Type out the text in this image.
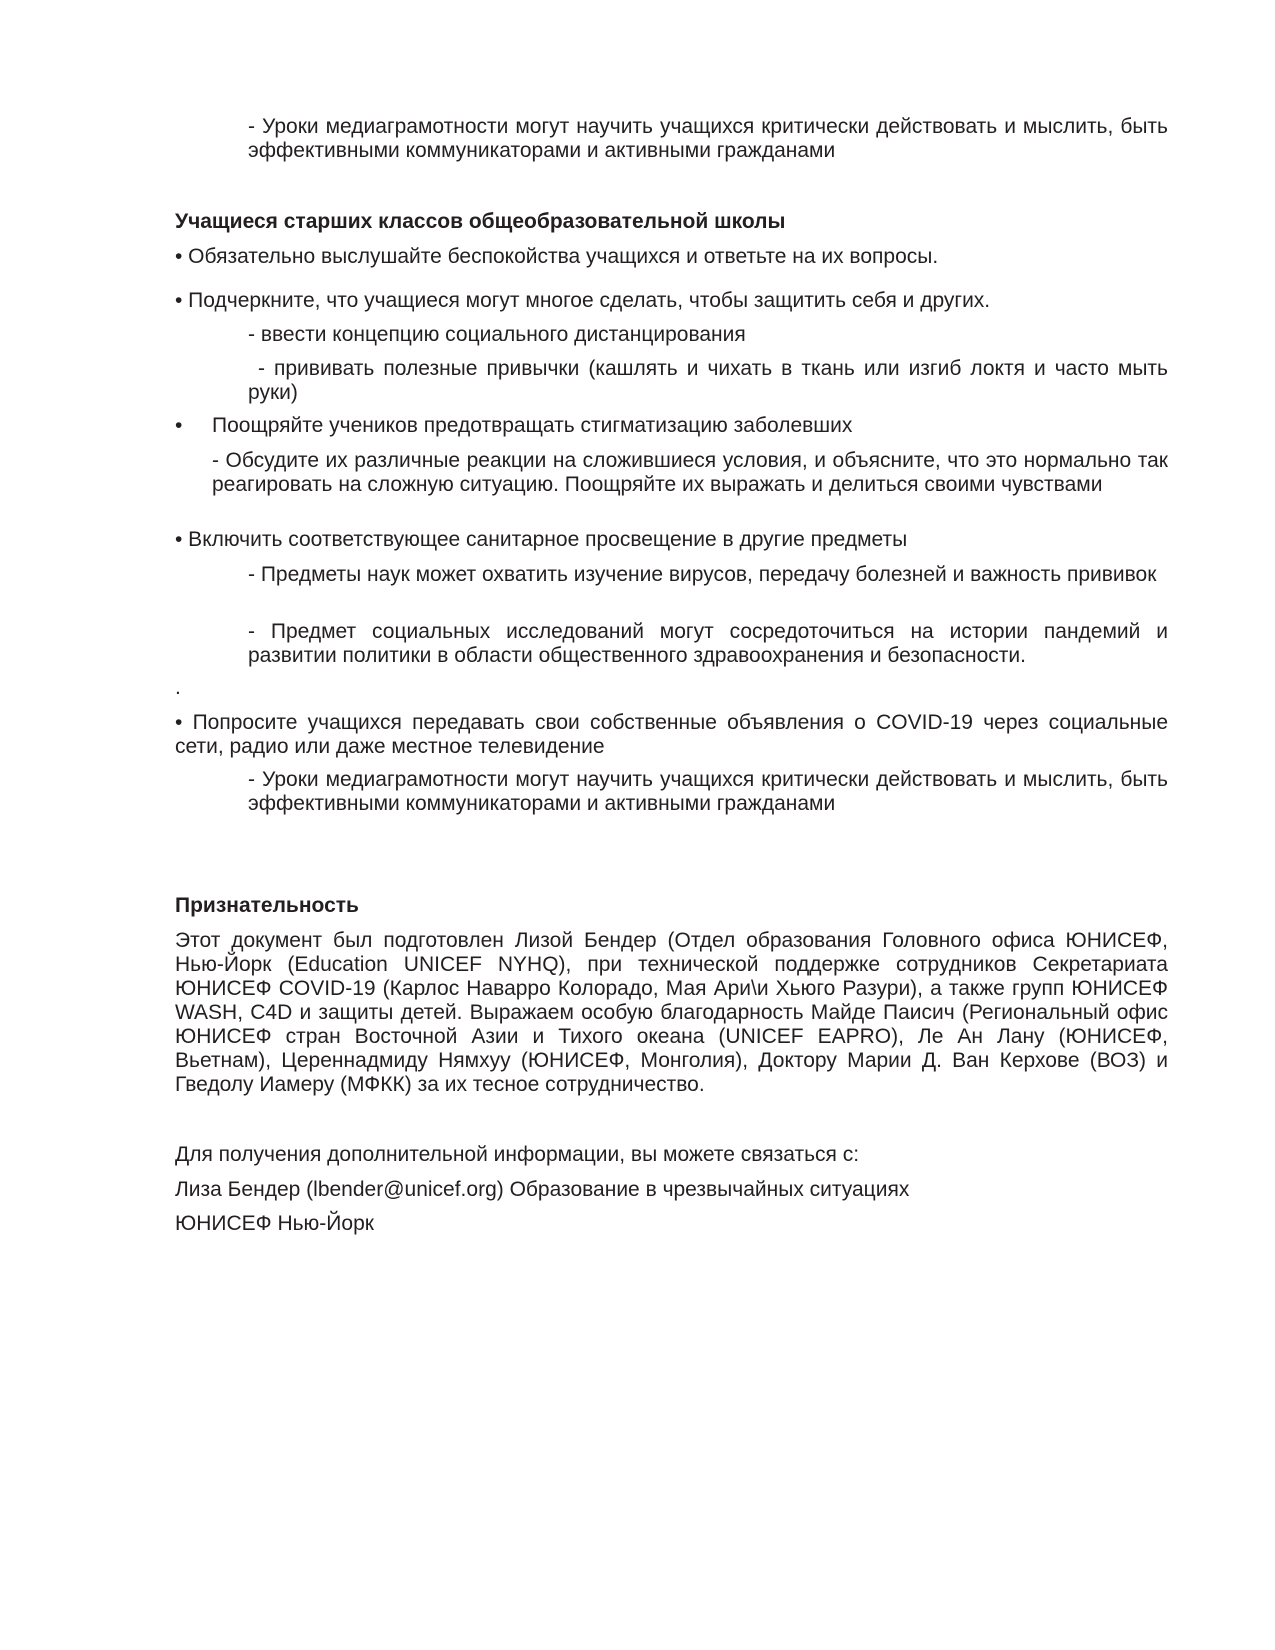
- Уроки медиаграмотности могут научить учащихся критически действовать и мыслить, быть эффективными коммуникаторами и активными гражданами

Учащиеся старших классов общеобразовательной школы

• Обязательно выслушайте беспокойства учащихся и ответьте на их вопросы.

• Подчеркните, что учащиеся могут многое сделать, чтобы защитить себя и других.

- ввести концепцию социального дистанцирования

- прививать полезные привычки (кашлять и чихать в ткань или изгиб локтя и часто мыть руки)

• Поощряйте учеников предотвращать стигматизацию заболевших

- Обсудите их различные реакции на сложившиеся условия, и объясните, что это нормально так реагировать на сложную ситуацию. Поощряйте их выражать и делиться своими чувствами

• Включить соответствующее санитарное просвещение в другие предметы

- Предметы наук может охватить изучение вирусов, передачу болезней и важность прививок

- Предмет социальных исследований могут сосредоточиться на истории пандемий и развитии политики в области общественного здравоохранения и безопасности.

.

• Попросите учащихся передавать свои собственные объявления о COVID-19 через социальные сети, радио или даже местное телевидение

- Уроки медиаграмотности могут научить учащихся критически действовать и мыслить, быть эффективными коммуникаторами и активными гражданами

Признательность

Этот документ был подготовлен Лизой Бендер (Отдел образования Головного офиса ЮНИСЕФ, Нью-Йорк (Education UNICEF NYHQ), при технической поддержке сотрудников Секретариата ЮНИСЕФ COVID-19 (Карлос Наварро Колорадо, Мая Ари\и Хьюго Разури), а также групп ЮНИСЕФ WASH, C4D и защиты детей. Выражаем особую благодарность Майде Паисич (Региональный офис ЮНИСЕФ стран Восточной Азии и Тихого океана (UNICEF EAPRO), Ле Ан Лану (ЮНИСЕФ, Вьетнам), Цереннадмиду Нямхуу (ЮНИСЕФ, Монголия), Доктору Марии Д. Ван Керхове (ВОЗ) и Гведолу Иамеру (МФКК) за их тесное сотрудничество.

Для получения дополнительной информации, вы можете связаться с:

Лиза Бендер (lbender@unicef.org) Образование в чрезвычайных ситуациях

ЮНИСЕФ Нью-Йорк
